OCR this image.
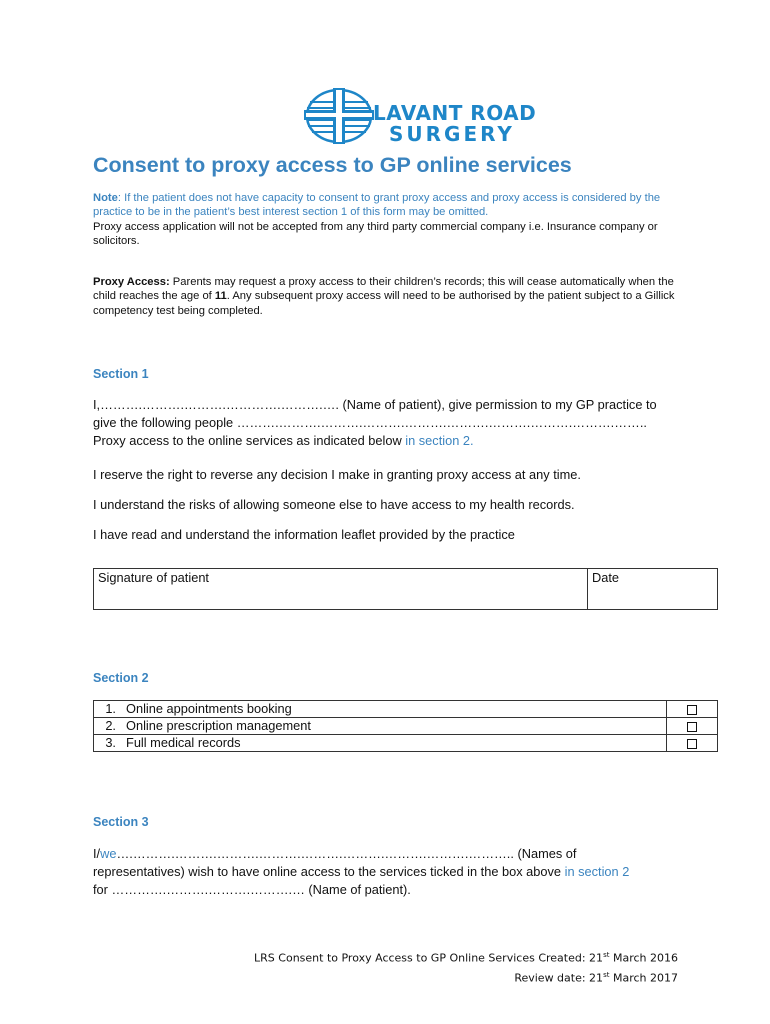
LAVANT ROAD
SURGERY
Consent to proxy access to GP online services
Note: If the patient does not have capacity to consent to grant proxy access and proxy access is considered by the practice to be in the patient’s best interest section 1 of this form may be omitted.
Proxy access application will not be accepted from any third party commercial company i.e. Insurance company or solicitors.
Proxy Access: Parents may request a proxy access to their children’s records; this will cease automatically when the child reaches the age of 11. Any subsequent proxy access will need to be authorised by the patient subject to a Gillick competency test being completed.
Section 1
I,……….……….……….………….……….…. (Name of patient), give permission to my GP practice to give the following people ……….……….……….……….……….……….……….……….……….…….. Proxy access to the online services as indicated below in section 2.
I reserve the right to reverse any decision I make in granting proxy access at any time.
I understand the risks of allowing someone else to have access to my health records.
I have read and understand the information leaflet provided by the practice
Signature of patient	Date
Section 2
1.	Online appointments booking	
2.	Online prescription management	
3.	Full medical records	
Section 3
I/we….……….……….……….……….……….……….……….……….……….. (Names of representatives) wish to have online access to the services ticked in the box above in section 2
for ………….……….……….……….… (Name of patient).
LRS Consent to Proxy Access to GP Online Services Created: 21st March 2016
Review date: 21st March 2017
